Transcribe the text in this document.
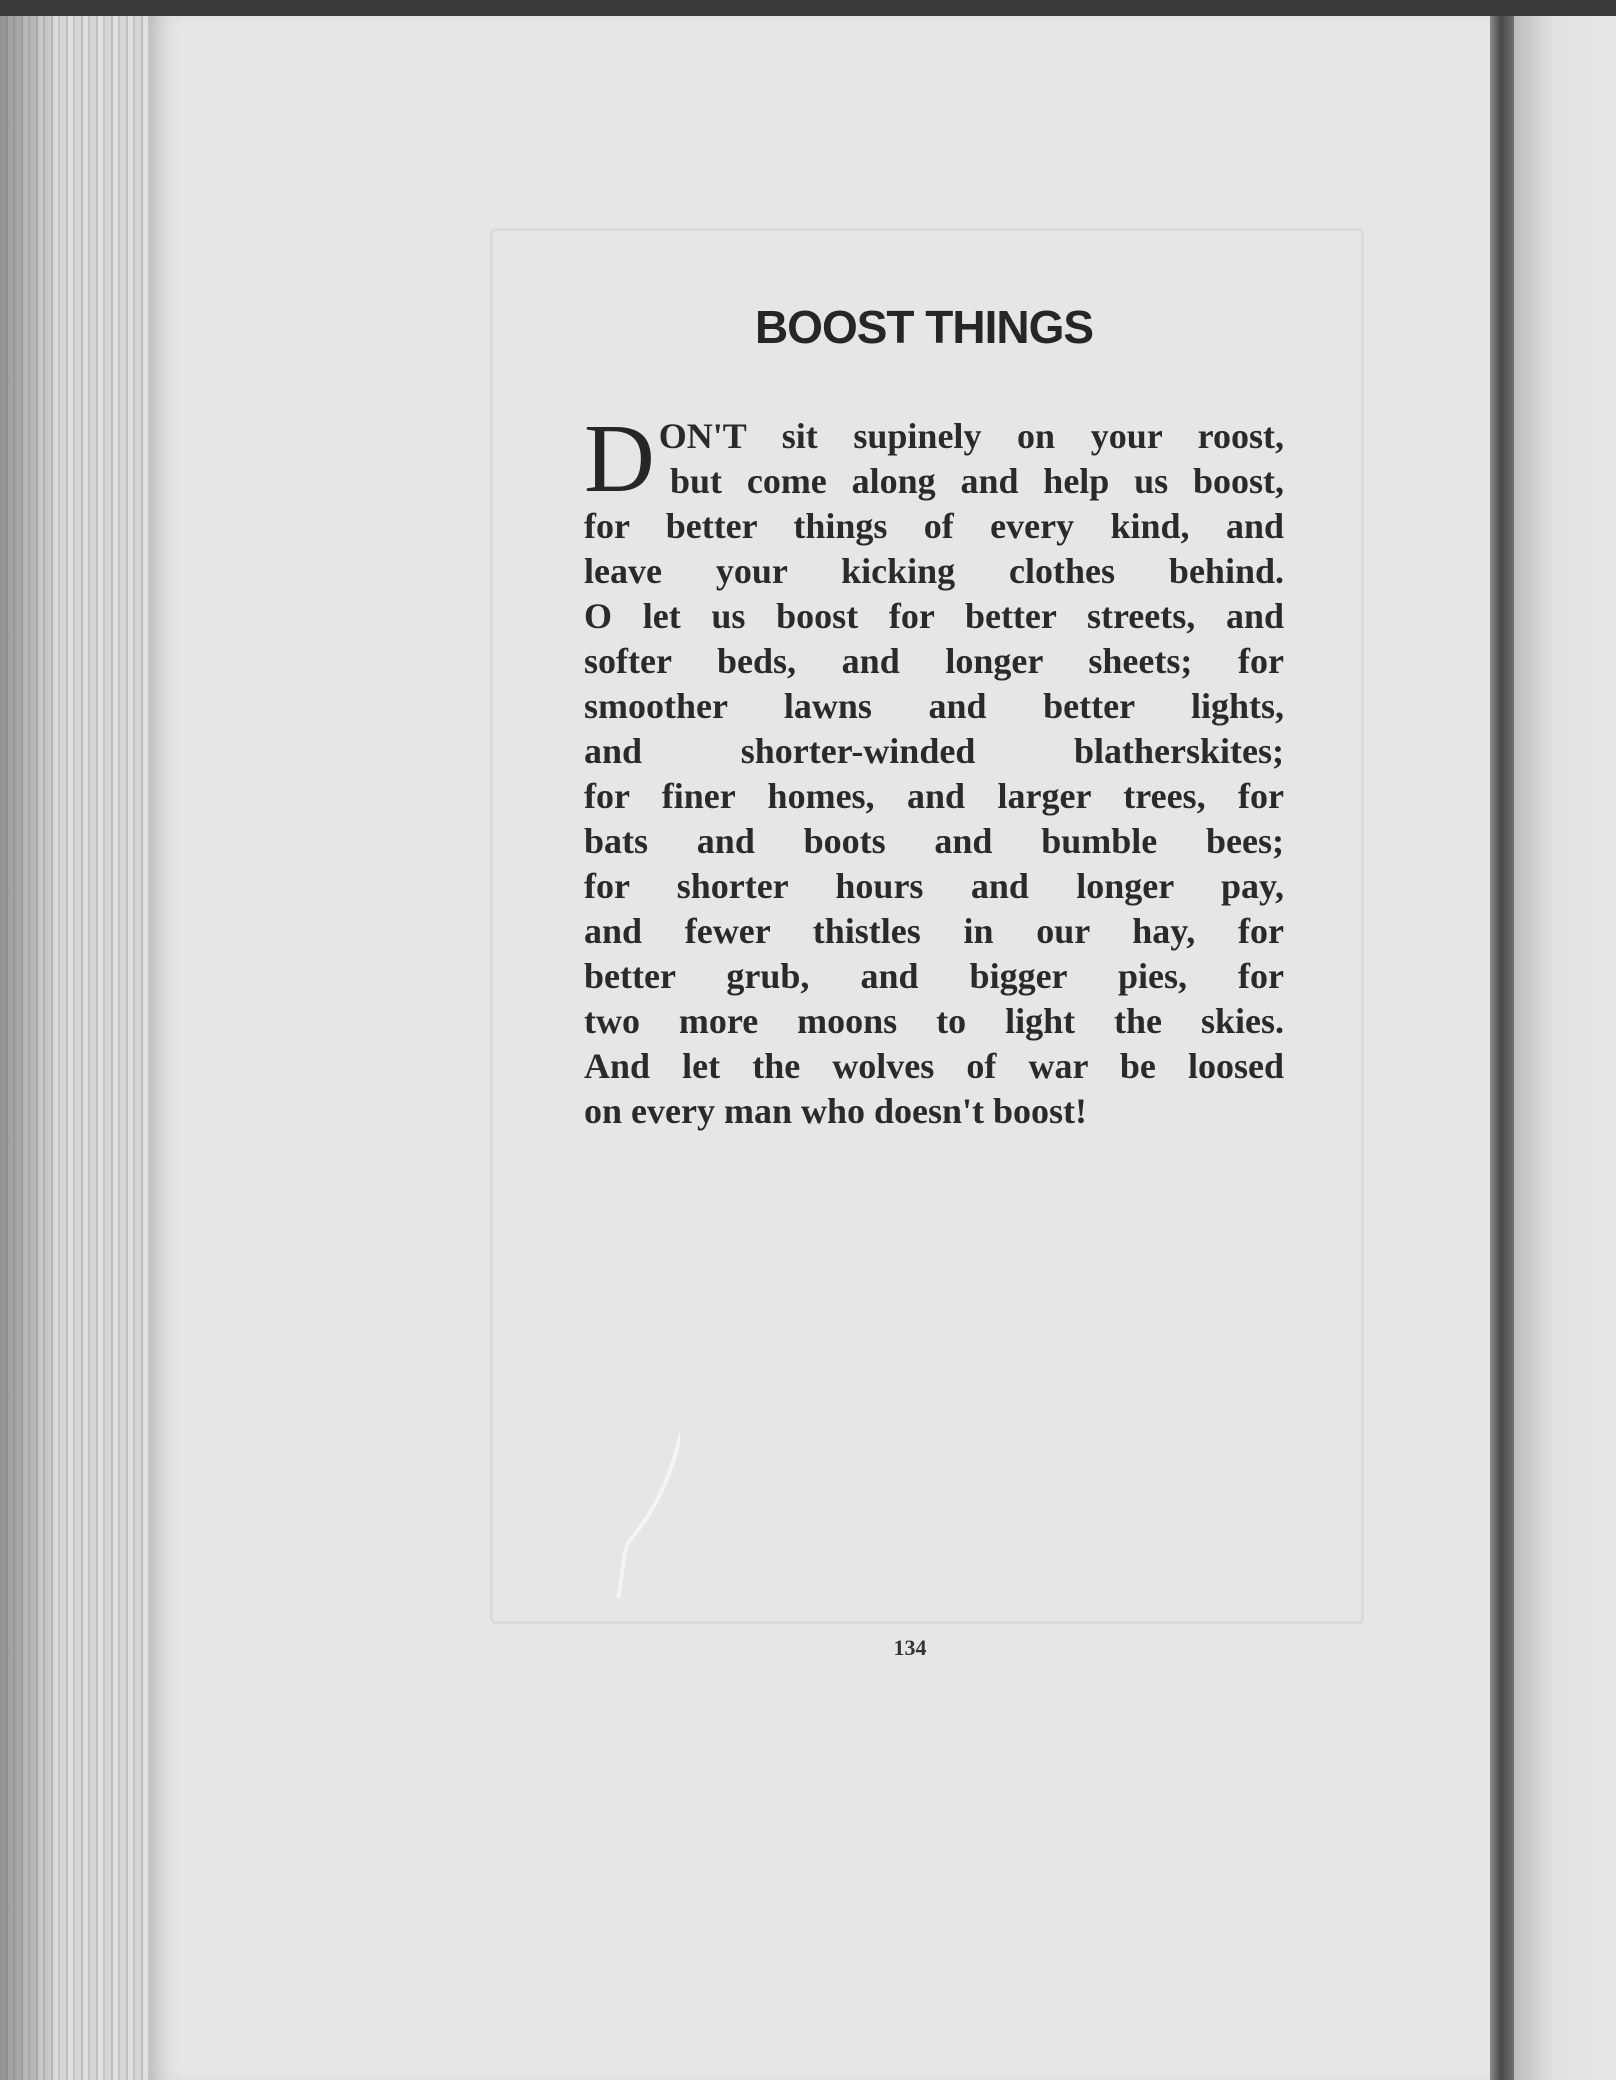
BOOST THINGS
D ON'T sit supinely on your roost,
but come along and help us boost,
for better things of every kind, and
leave your kicking clothes behind.
O let us boost for better streets, and
softer beds, and longer sheets; for
smoother lawns and better lights,
and shorter-winded blatherskites;
for finer homes, and larger trees, for
bats and boots and bumble bees;
for shorter hours and longer pay,
and fewer thistles in our hay, for
better grub, and bigger pies, for
two more moons to light the skies.
And let the wolves of war be loosed
on every man who doesn't boost!

134
